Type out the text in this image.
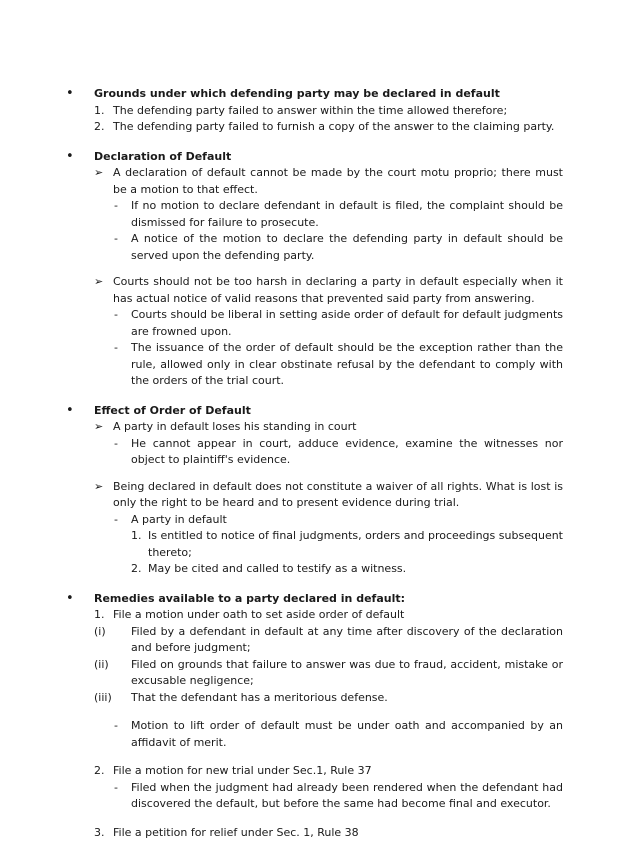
•	Grounds under which defending party may be declared in default
1. The defending party failed to answer within the time allowed therefore;
2. The defending party failed to furnish a copy of the answer to the claiming party.
•	Declaration of Default
➢ A declaration of default cannot be made by the court motu proprio; there must be a motion to that effect.
- If no motion to declare defendant in default is filed, the complaint should be dismissed for failure to prosecute.
- A notice of the motion to declare the defending party in default should be served upon the defending party.
➢ Courts should not be too harsh in declaring a party in default especially when it has actual notice of valid reasons that prevented said party from answering.
- Courts should be liberal in setting aside order of default for default judgments are frowned upon.
- The issuance of the order of default should be the exception rather than the rule, allowed only in clear obstinate refusal by the defendant to comply with the orders of the trial court.
•	Effect of Order of Default
➢ A party in default loses his standing in court
- He cannot appear in court, adduce evidence, examine the witnesses nor object to plaintiff's evidence.
➢ Being declared in default does not constitute a waiver of all rights. What is lost is only the right to be heard and to present evidence during trial.
- A party in default
1. Is entitled to notice of final judgments, orders and proceedings subsequent thereto;
2. May be cited and called to testify as a witness.
•	Remedies available to a party declared in default:
1. File a motion under oath to set aside order of default
(i) Filed by a defendant in default at any time after discovery of the declaration and before judgment;
(ii) Filed on grounds that failure to answer was due to fraud, accident, mistake or excusable negligence;
(iii) That the defendant has a meritorious defense.
- Motion to lift order of default must be under oath and accompanied by an affidavit of merit.
2. File a motion for new trial under Sec.1, Rule 37
- Filed when the judgment had already been rendered when the defendant had discovered the default, but before the same had become final and executor.
3. File a petition for relief under Sec. 1, Rule 38
